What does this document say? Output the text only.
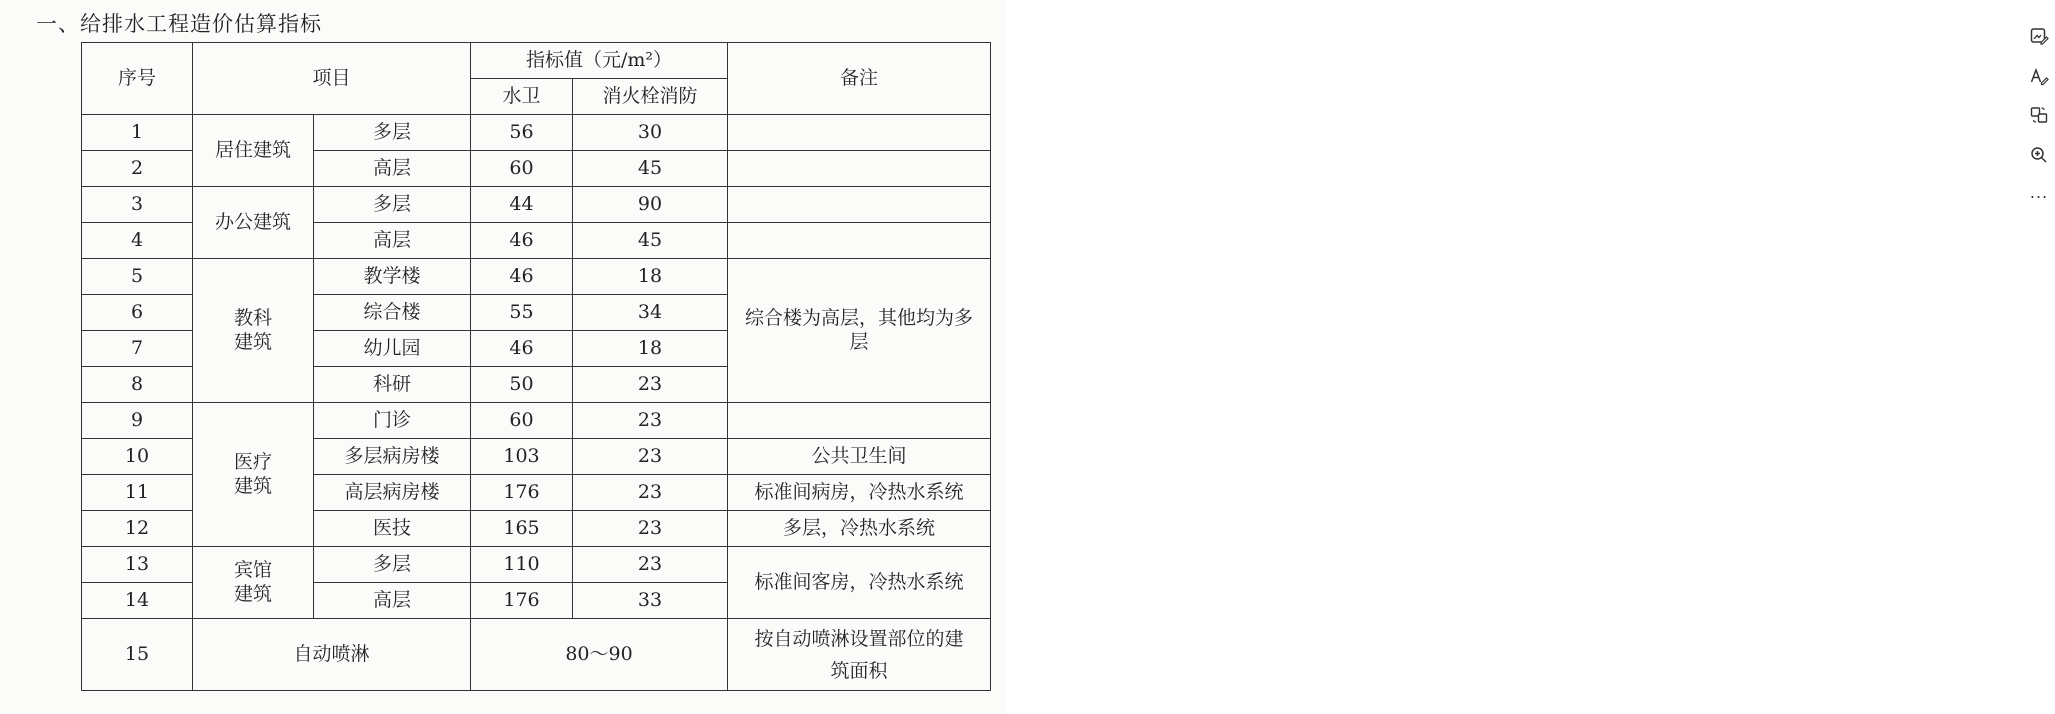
一、给排水工程造价估算指标
序号	项目		指标值（元/m²）		备注
			水卫	消火栓消防	
1	居住建筑	多层	56	30	
2		高层	60	45	
3	办公建筑	多层	44	90	
4		高层	46	45	
5	教科建筑	教学楼	46	18	综合楼为高层，其他均为多层
6		综合楼	55	34	
7		幼儿园	46	18	
8		科研	50	23	
9	医疗建筑	门诊	60	23	
10		多层病房楼	103	23	公共卫生间
11		高层病房楼	176	23	标准间病房，冷热水系统
12		医技	165	23	多层，冷热水系统
13	宾馆建筑	多层	110	23	标准间客房，冷热水系统
14		高层	176	33	
15	自动喷淋		80～90		按自动喷淋设置部位的建筑面积
...
